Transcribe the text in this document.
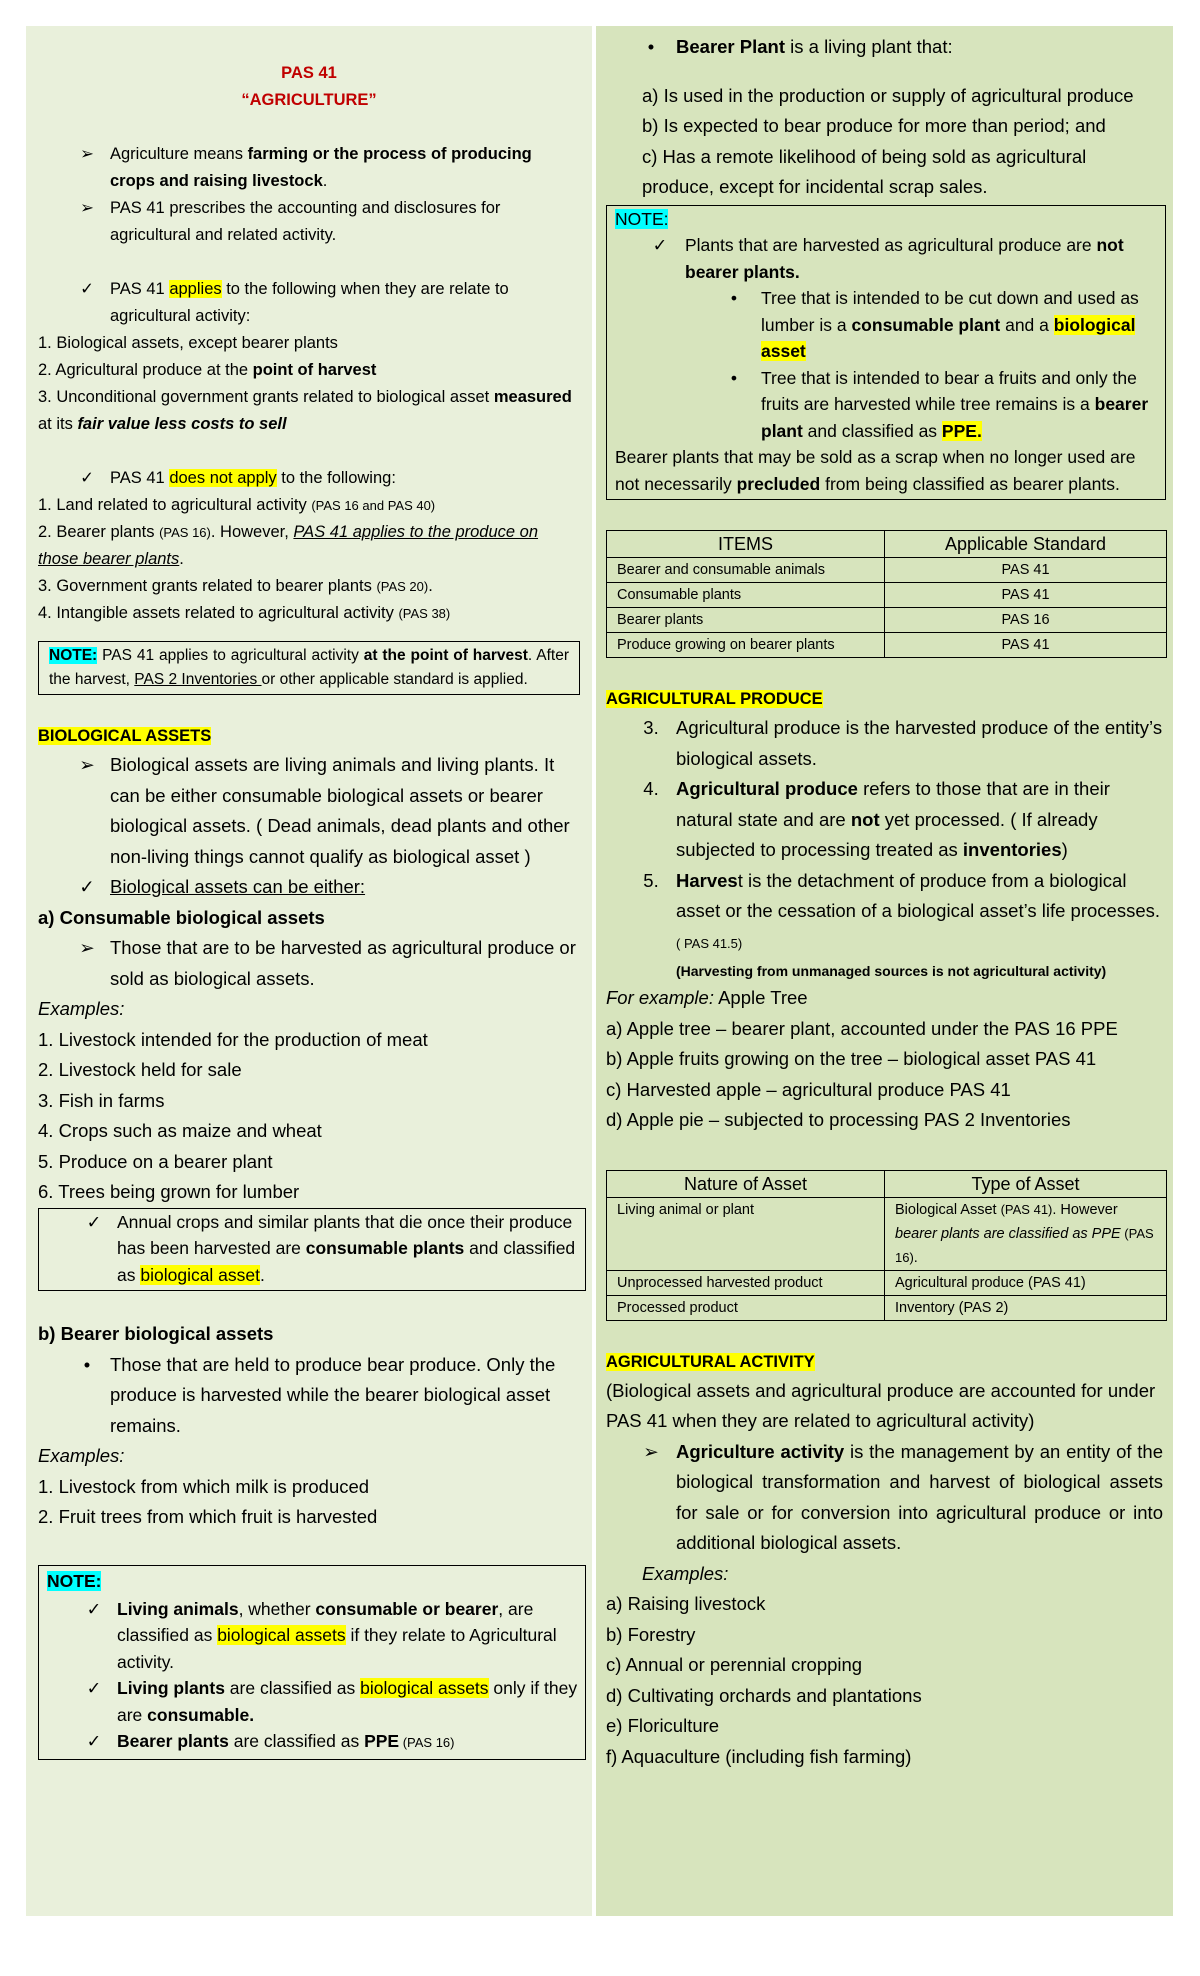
PAS 41

“AGRICULTURE”

➢ Agriculture means farming or the process of producing crops and raising livestock.
➢ PAS 41 prescribes the accounting and disclosures for agricultural and related activity.
✓ PAS 41 applies to the following when they are relate to agricultural activity:

1. Biological assets, except bearer plants

2. Agricultural produce at the point of harvest

3. Unconditional government grants related to biological asset measured at its fair value less costs to sell

✓ PAS 41 does not apply to the following:

1. Land related to agricultural activity (PAS 16 and PAS 40)

2. Bearer plants (PAS 16). However, PAS 41 applies to the produce on those bearer plants.

3. Government grants related to bearer plants (PAS 20).

4. Intangible assets related to agricultural activity (PAS 38)

NOTE: PAS 41 applies to agricultural activity at the point of harvest. After the harvest, PAS 2 Inventories or other applicable standard is applied.

BIOLOGICAL ASSETS

➢ Biological assets are living animals and living plants. It can be either consumable biological assets or bearer biological assets. ( Dead animals, dead plants and other non-living things cannot qualify as biological asset )
✓ Biological assets can be either:

a) Consumable biological assets

➢ Those that are to be harvested as agricultural produce or sold as biological assets.

Examples:

1. Livestock intended for the production of meat

2. Livestock held for sale

3. Fish in farms

4. Crops such as maize and wheat

5. Produce on a bearer plant

6. Trees being grown for lumber

✓ Annual crops and similar plants that die once their produce has been harvested are consumable plants and classified as biological asset.

b) Bearer biological assets

•	Those that are held to produce bear produce. Only the produce is harvested while the bearer biological asset remains.

Examples:

1. Livestock from which milk is produced

2. Fruit trees from which fruit is harvested

NOTE:

✓ Living animals, whether consumable or bearer, are classified as biological assets if they relate to Agricultural activity.
✓ Living plants are classified as biological assets only if they are consumable.
✓ Bearer plants are classified as PPE (PAS 16)
•	Bearer Plant is a living plant that:

a) Is used in the production or supply of agricultural produce

b) Is expected to bear produce for more than period; and

c) Has a remote likelihood of being sold as agricultural produce, except for incidental scrap sales.

NOTE:

✓ Plants that are harvested as agricultural produce are not bearer plants.
•	Tree that is intended to be cut down and used as lumber is a consumable plant and a biological asset
•	Tree that is intended to bear a fruits and only the fruits are harvested while tree remains is a bearer plant and classified as PPE.

Bearer plants that may be sold as a scrap when no longer used are not necessarily precluded from being classified as bearer plants.

ITEMS	Applicable Standard
Bearer and consumable animals	PAS 41
Consumable plants	PAS 41
Bearer plants	PAS 16
Produce growing on bearer plants	PAS 41

AGRICULTURAL PRODUCE

3. Agricultural produce is the harvested produce of the entity’s biological assets.
4. Agricultural produce refers to those that are in their natural state and are not yet processed. ( If already subjected to processing treated as inventories)
5. Harvest is the detachment of produce from a biological asset or the cessation of a biological asset’s life processes. ( PAS 41.5)

(Harvesting from unmanaged sources is not agricultural activity)

For example: Apple Tree

a) Apple tree – bearer plant, accounted under the PAS 16 PPE

b) Apple fruits growing on the tree – biological asset PAS 41

c) Harvested apple – agricultural produce PAS 41

d) Apple pie – subjected to processing PAS 2 Inventories

Nature of Asset	Type of Asset
Living animal or plant	Biological Asset (PAS 41). However bearer plants are classified as PPE (PAS 16).
Unprocessed harvested product	Agricultural produce (PAS 41)
Processed product	Inventory (PAS 2)

AGRICULTURAL ACTIVITY

(Biological assets and agricultural produce are accounted for under PAS 41 when they are related to agricultural activity)

➢ Agriculture activity is the management by an entity of the biological transformation and harvest of biological assets for sale or for conversion into agricultural produce or into additional biological assets.

Examples:

a) Raising livestock

b) Forestry

c) Annual or perennial cropping

d) Cultivating orchards and plantations

e) Floriculture

f) Aquaculture (including fish farming)
